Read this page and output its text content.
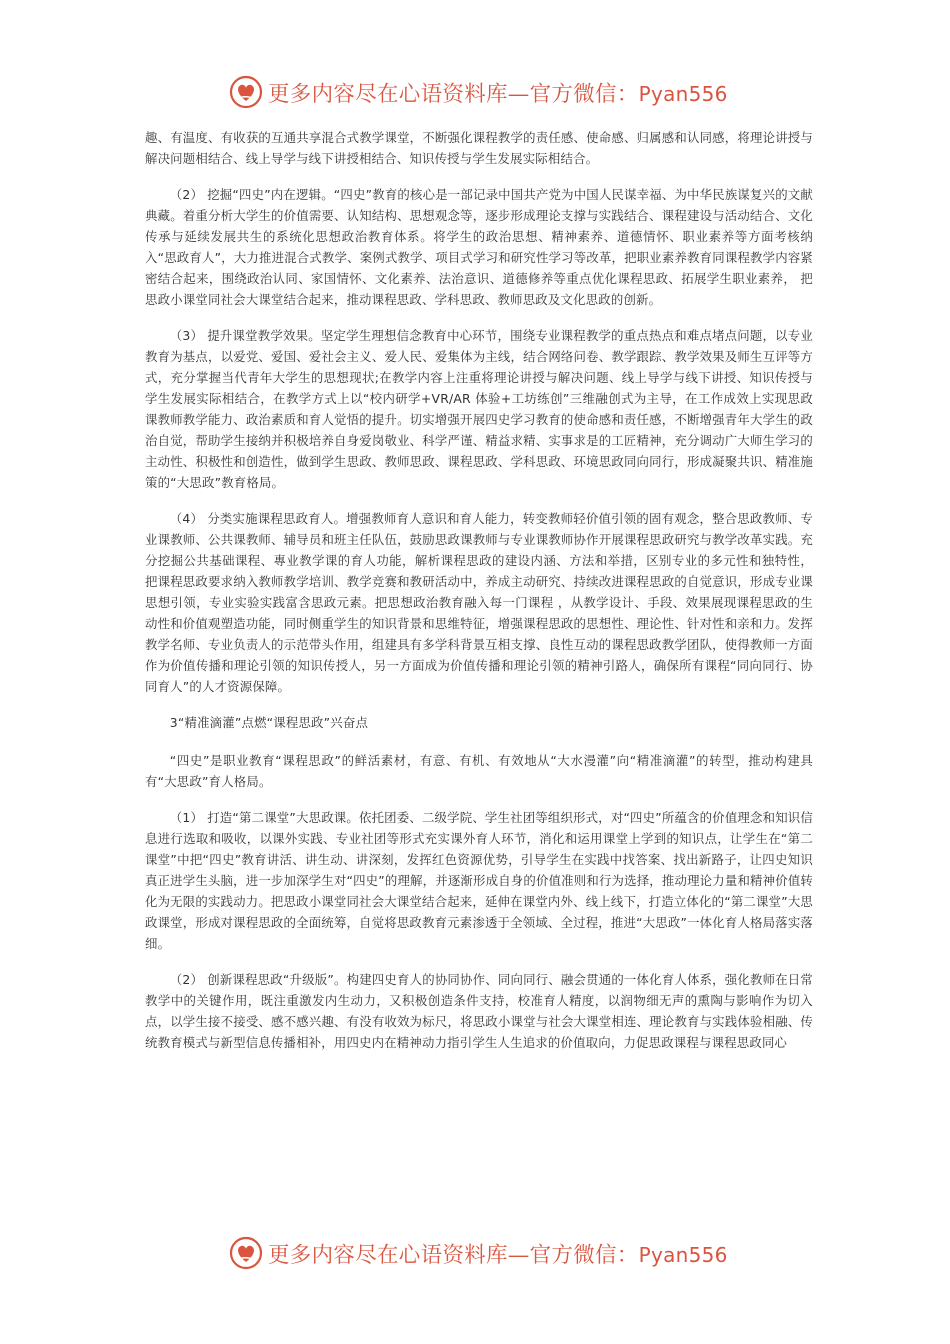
更多内容尽在心语资料库—官方微信：Pyan556

趣、有温度、有收获的互通共享混合式教学课堂，不断强化课程教学的责任感、使命感、归属感和认同感，将理论讲授与解决问题相结合、线上导学与线下讲授相结合、知识传授与学生发展实际相结合。

（2） 挖掘“四史”内在逻辑。“四史”教育的核心是一部记录中国共产党为中国人民谋幸福、为中华民族谋复兴的文献典藏。着重分析大学生的价值需要、认知结构、思想观念等，逐步形成理论支撑与实践结合、课程建设与活动结合、文化传承与延续发展共生的系统化思想政治教育体系。将学生的政治思想、精神素养、道德情怀、职业素养等方面考核纳入“思政育人”，大力推进混合式教学、案例式教学、项目式学习和研究性学习等改革，把职业素养教育同课程教学内容紧密结合起来，围绕政治认同、家国情怀、文化素养、法治意识、道德修养等重点优化课程思政、拓展学生职业素养， 把思政小课堂同社会大课堂结合起来，推动课程思政、学科思政、教师思政及文化思政的创新。

（3） 提升课堂教学效果。坚定学生理想信念教育中心环节，围绕专业课程教学的重点热点和难点堵点问题，以专业教育为基点，以爱党、爱国、爱社会主义、爱人民、爱集体为主线，结合网络问卷、教学跟踪、教学效果及师生互评等方式，充分掌握当代青年大学生的思想现状;在教学内容上注重将理论讲授与解决问题、线上导学与线下讲授、知识传授与学生发展实际相结合，在教学方式上以“校内研学+VR/AR 体验+工坊练创”三维融创式为主导，在工作成效上实现思政课教师教学能力、政治素质和育人觉悟的提升。切实增强开展四史学习教育的使命感和责任感，不断增强青年大学生的政治自觉，帮助学生接纳并积极培养自身爱岗敬业、科学严谨、精益求精、实事求是的工匠精神，充分调动广大师生学习的主动性、积极性和创造性，做到学生思政、教师思政、课程思政、学科思政、环境思政同向同行，形成凝聚共识、精准施策的“大思政”教育格局。

（4） 分类实施课程思政育人。增强教师育人意识和育人能力，转变教师轻价值引领的固有观念，整合思政教师、专业课教师、公共课教师、辅导员和班主任队伍，鼓励思政课教师与专业课教师协作开展课程思政研究与教学改革实践。充分挖掘公共基础课程、專业教学课的育人功能，解析课程思政的建设内涵、方法和举措，区别专业的多元性和独特性， 把课程思政要求纳入教师教学培训、教学竞赛和教研活动中，养成主动研究、持续改进课程思政的自觉意识，形成专业课思想引领，专业实验实践富含思政元素。把思想政治教育融入每一门课程 ，从教学设计、手段、效果展现课程思政的生动性和价值观塑造功能，同时侧重学生的知识背景和思维特征，增强课程思政的思想性、理论性、针对性和亲和力。发挥教学名师、专业负责人的示范带头作用，组建具有多学科背景互相支撑、良性互动的课程思政教学团队，使得教师一方面作为价值传播和理论引领的知识传授人，另一方面成为价值传播和理论引领的精神引路人，确保所有课程“同向同行、协同育人”的人才资源保障。

3“精准滴灌”点燃“课程思政”兴奋点

“四史”是职业教育“课程思政”的鲜活素材，有意、有机、有效地从“大水漫灌”向“精准滴灌”的转型，推动构建具有“大思政”育人格局。

（1） 打造“第二课堂”大思政课。依托团委、二级学院、学生社团等组织形式，对“四史”所蕴含的价值理念和知识信息进行选取和吸收，以课外实践、专业社团等形式充实课外育人环节，消化和运用课堂上学到的知识点，让学生在“第二课堂”中把“四史”教育讲活、讲生动、讲深刻，发挥红色资源优势，引导学生在实践中找答案、找出新路子，让四史知识真正进学生头脑，进一步加深学生对“四史”的理解，并逐渐形成自身的价值准则和行为选择，推动理论力量和精神价值转化为无限的实践动力。把思政小课堂同社会大课堂结合起来，延伸在课堂内外、线上线下，打造立体化的“第二课堂”大思政课堂，形成对课程思政的全面统筹，自觉将思政教育元素渗透于全领域、全过程，推进“大思政”一体化育人格局落实落细。

（2） 创新课程思政“升级版”。构建四史育人的协同协作、同向同行、融会贯通的一体化育人体系，强化教师在日常教学中的关键作用，既注重激发内生动力，又积极创造条件支持，校准育人精度，以润物细无声的熏陶与影响作为切入点，以学生接不接受、感不感兴趣、有没有收效为标尺，将思政小课堂与社会大课堂相连、理论教育与实践体验相融、传统教育模式与新型信息传播相补，用四史内在精神动力指引学生人生追求的价值取向，力促思政课程与课程思政同心

更多内容尽在心语资料库—官方微信：Pyan556
